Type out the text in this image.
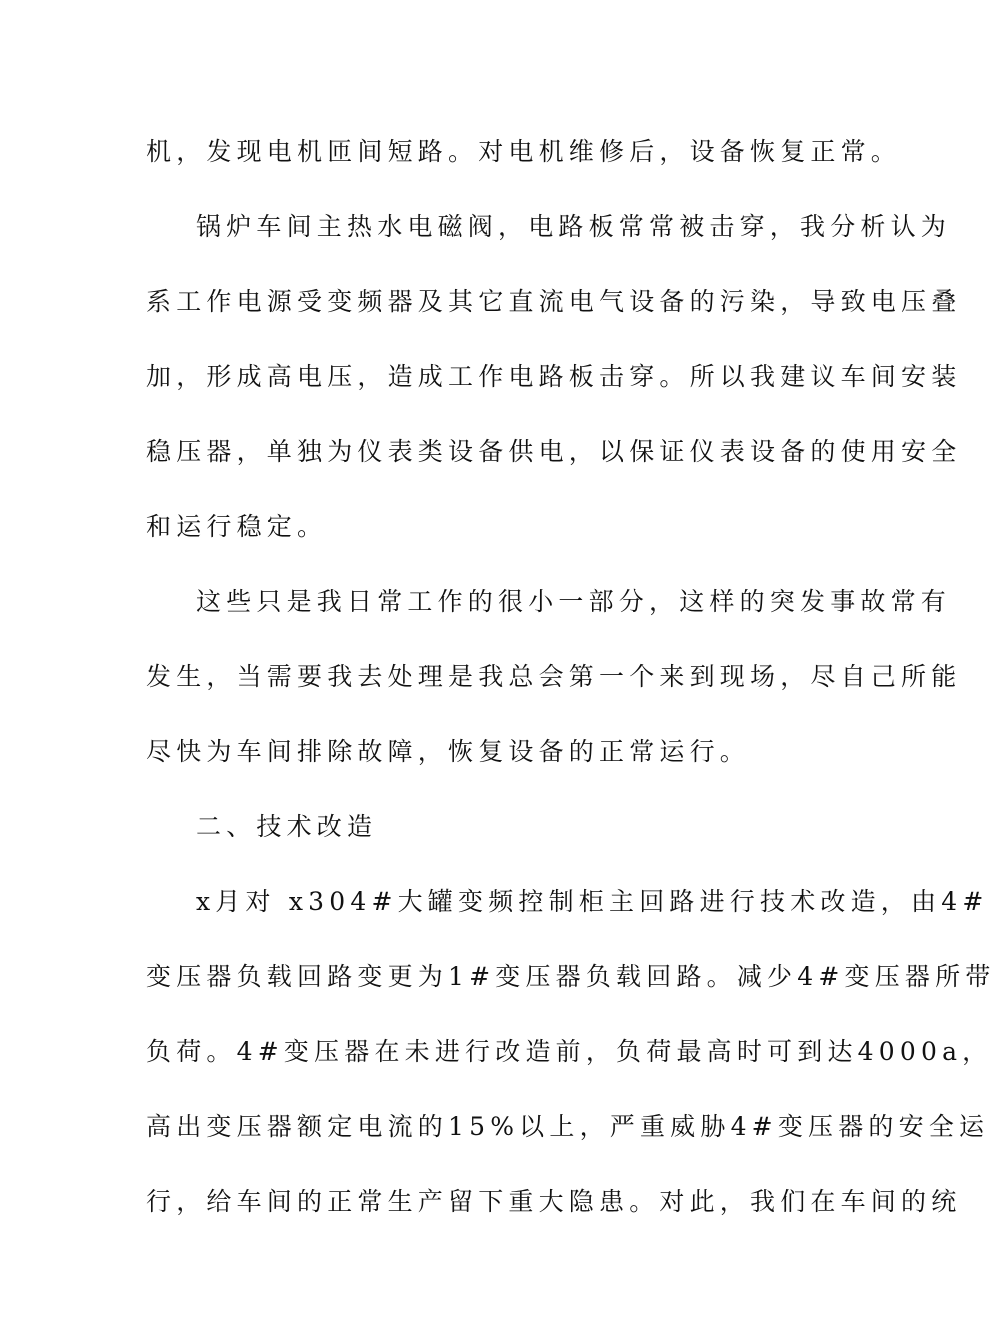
机，发现电机匝间短路。对电机维修后，设备恢复正常。
锅炉车间主热水电磁阀，电路板常常被击穿，我分析认为
系工作电源受变频器及其它直流电气设备的污染，导致电压叠
加，形成高电压，造成工作电路板击穿。所以我建议车间安装
稳压器，单独为仪表类设备供电，以保证仪表设备的使用安全
和运行稳定。
这些只是我日常工作的很小一部分，这样的突发事故常有
发生，当需要我去处理是我总会第一个来到现场，尽自己所能
尽快为车间排除故障，恢复设备的正常运行。
二、技术改造
x月对 x304#大罐变频控制柜主回路进行技术改造，由4#
变压器负载回路变更为1#变压器负载回路。减少4#变压器所带
负荷。4#变压器在未进行改造前，负荷最高时可到达4000a，
高出变压器额定电流的15%以上，严重威胁4#变压器的安全运
行，给车间的正常生产留下重大隐患。对此，我们在车间的统
